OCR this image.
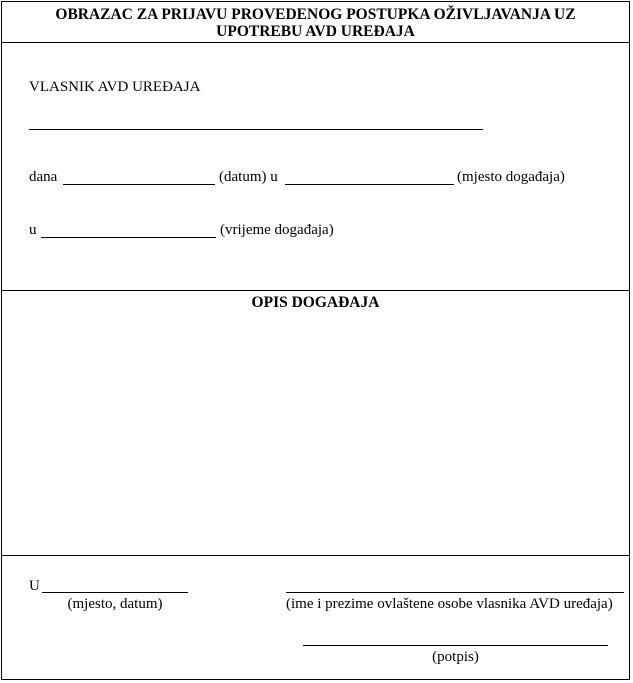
OBRAZAC ZA PRIJAVU PROVEDENOG POSTUPKA OŽIVLJAVANJA UZ
UPOTREBU AVD UREĐAJA
VLASNIK AVD UREĐAJA
dana	(datum) u	(mjesto događaja)
u	(vrijeme događaja)
OPIS DOGAĐAJA
U
(mjesto, datum)	(ime i prezime ovlaštene osobe vlasnika AVD uređaja)
(potpis)
